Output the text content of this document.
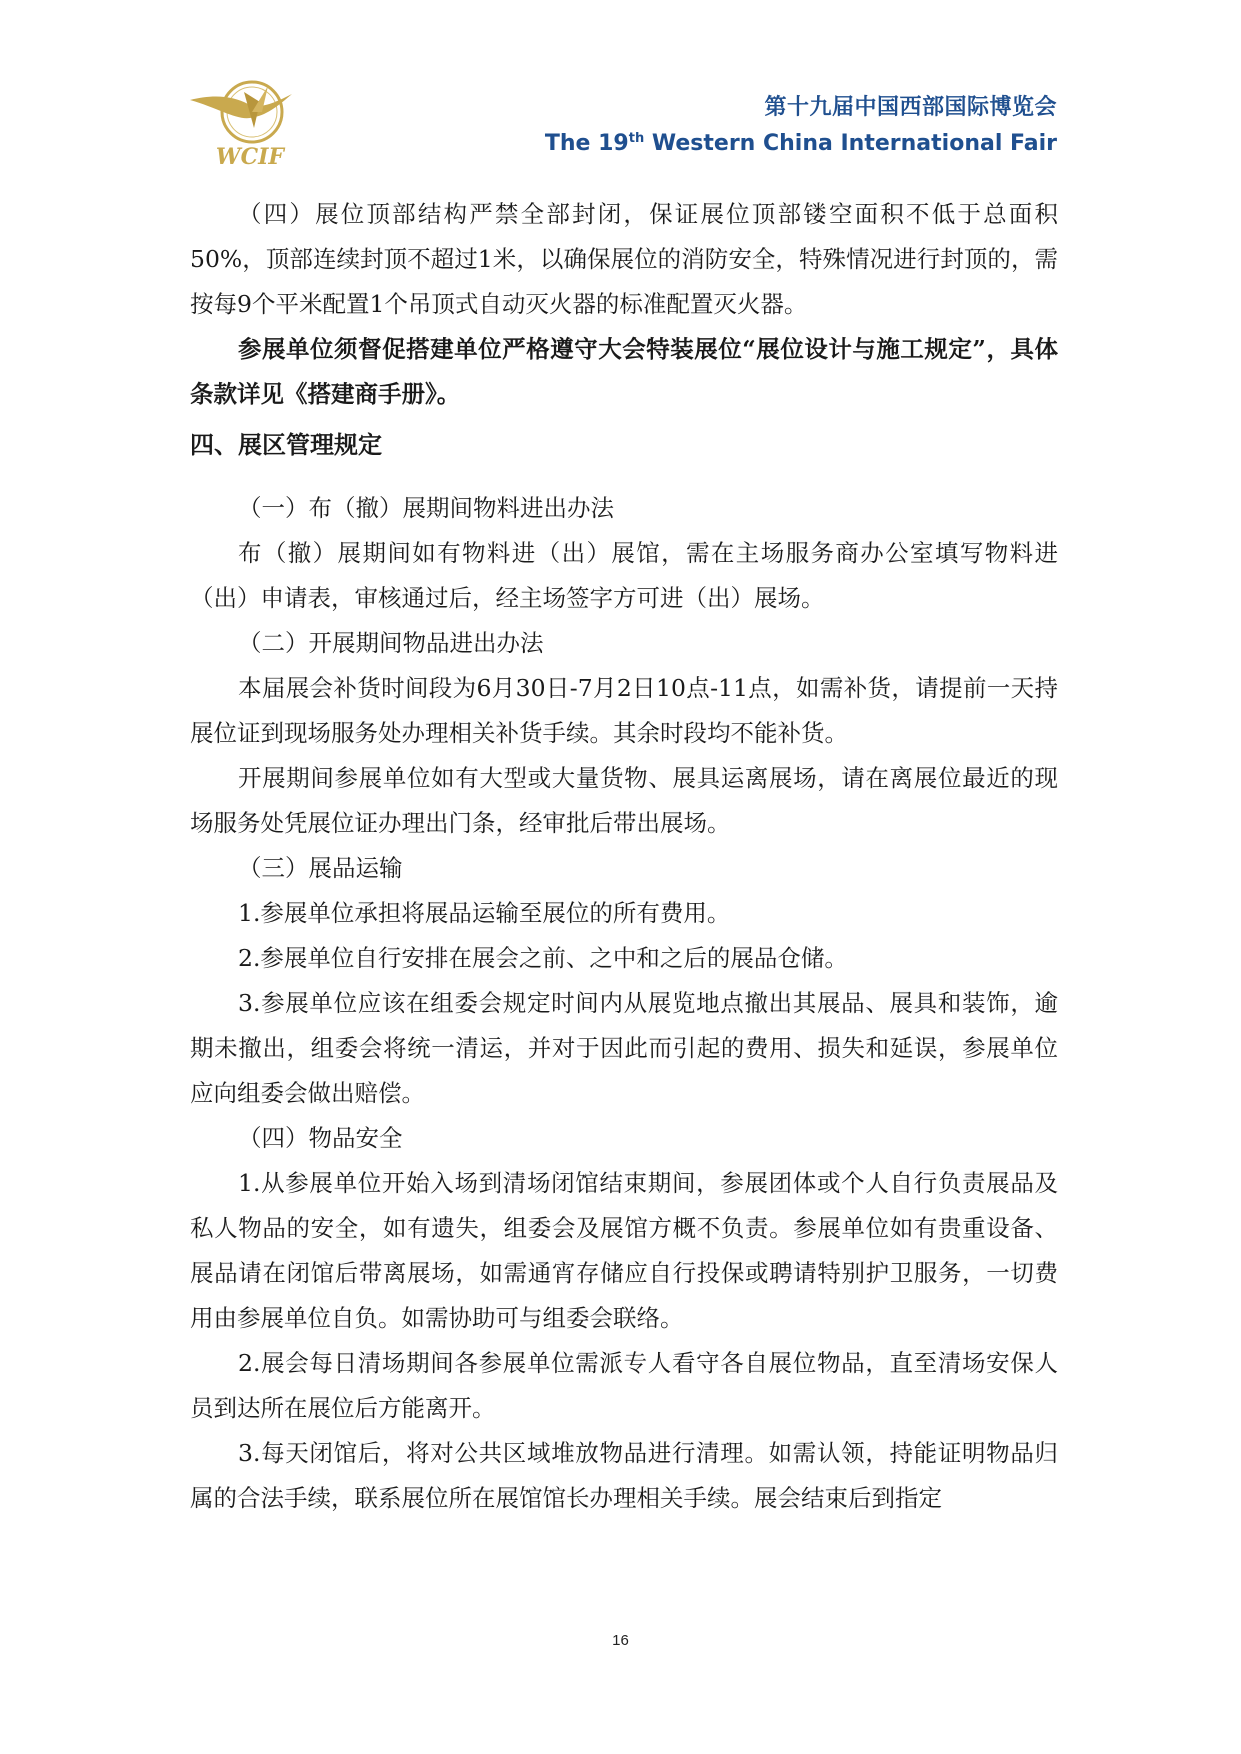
WCIF
第十九届中国西部国际博览会
The 19th Western China International Fair

（四）展位顶部结构严禁全部封闭，保证展位顶部镂空面积不低于总面积50%，顶部连续封顶不超过1米，以确保展位的消防安全，特殊情况进行封顶的，需按每9个平米配置1个吊顶式自动灭火器的标准配置灭火器。

参展单位须督促搭建单位严格遵守大会特装展位“展位设计与施工规定”，具体条款详见《搭建商手册》。

四、展区管理规定

（一）布（撤）展期间物料进出办法

布（撤）展期间如有物料进（出）展馆，需在主场服务商办公室填写物料进（出）申请表，审核通过后，经主场签字方可进（出）展场。

（二）开展期间物品进出办法

本届展会补货时间段为6月30日-7月2日10点-11点，如需补货，请提前一天持展位证到现场服务处办理相关补货手续。其余时段均不能补货。

开展期间参展单位如有大型或大量货物、展具运离展场，请在离展位最近的现场服务处凭展位证办理出门条，经审批后带出展场。

（三）展品运输

1.参展单位承担将展品运输至展位的所有费用。

2.参展单位自行安排在展会之前、之中和之后的展品仓储。

3.参展单位应该在组委会规定时间内从展览地点撤出其展品、展具和装饰，逾期未撤出，组委会将统一清运，并对于因此而引起的费用、损失和延误，参展单位应向组委会做出赔偿。

（四）物品安全

1.从参展单位开始入场到清场闭馆结束期间，参展团体或个人自行负责展品及私人物品的安全，如有遗失，组委会及展馆方概不负责。参展单位如有贵重设备、展品请在闭馆后带离展场，如需通宵存储应自行投保或聘请特别护卫服务，一切费用由参展单位自负。如需协助可与组委会联络。

2.展会每日清场期间各参展单位需派专人看守各自展位物品，直至清场安保人员到达所在展位后方能离开。

3.每天闭馆后，将对公共区域堆放物品进行清理。如需认领，持能证明物品归属的合法手续，联系展位所在展馆馆长办理相关手续。展会结束后到指定

16
